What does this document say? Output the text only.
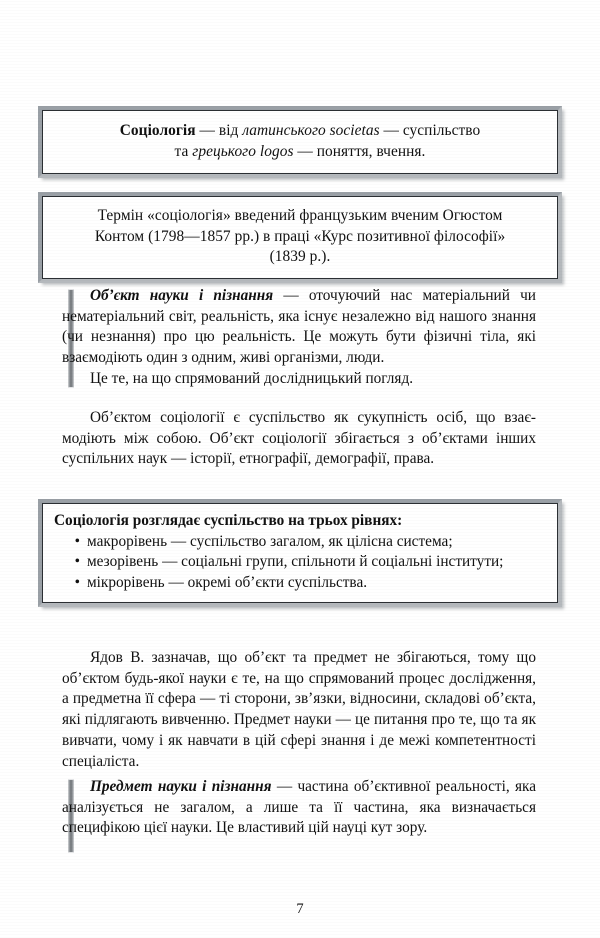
Соціологія — від латинського societas — суспільство
та грецького logos — поняття, вчення.
Термін «соціологія» введений французьким вченим Огюстом
Контом (1798—1857 рр.) в праці «Курс позитивної філософії»
(1839 р.).
Об’єкт науки і пізнання — оточуючий нас матеріальний чи нематеріальний світ, реальність, яка існує незалежно від нашого знання (чи незнання) про цю реальність. Це можуть бути фізичні тіла, які взаємодіють один з одним, живі організми, люди.
Це те, на що спрямований дослідницький погляд.
Об’єктом соціології є суспільство як сукупність осіб, що взаємодіють між собою. Об’єкт соціології збігається з об’єктами інших суспільних наук — історії, етнографії, демографії, права.

Соціологія розглядає суспільство на трьох рівнях:

• макрорівень — суспільство загалом, як цілісна система;
• мезорівень — соціальні групи, спільноти й соціальні інститути;
• мікрорівень — окремі об’єкти суспільства.
Ядов В. зазначав, що об’єкт та предмет не збігаються, тому що об’єктом будь-якої науки є те, на що спрямований процес дослідження, а предметна її сфера — ті сторони, зв’язки, відносини, складові об’єкта, які підлягають вивченню. Предмет науки — це питання про те, що та як вивчати, чому і як навчати в цій сфері знання і де межі компетентності спеціаліста.
Предмет науки і пізнання — частина об’єктивної реальності, яка аналізується не загалом, а лише та її частина, яка визначається специфікою цієї науки. Це властивий цій науці кут зору.
7
